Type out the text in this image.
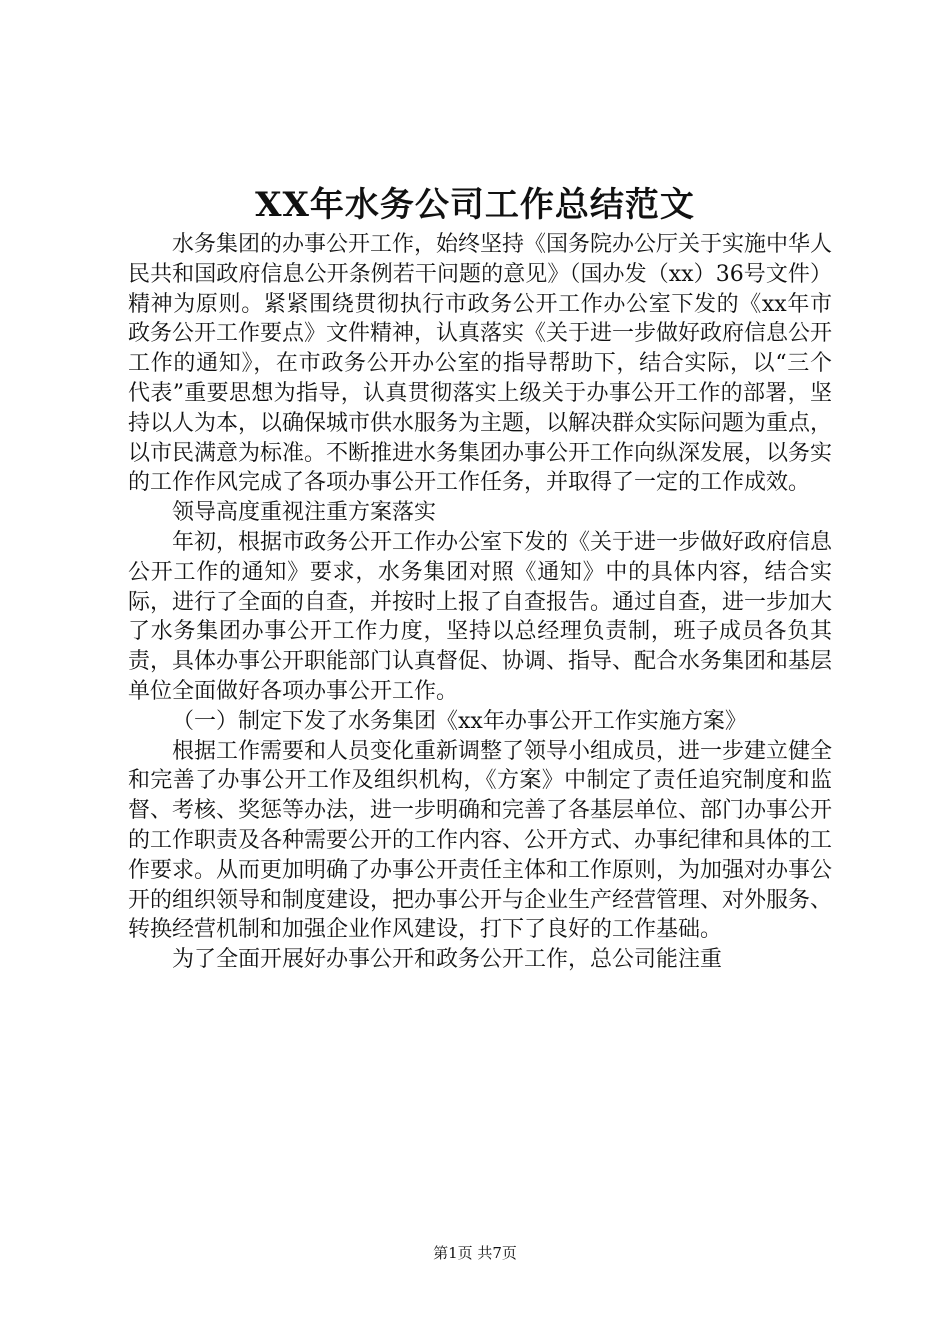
XX年水务公司工作总结范文

水务集团的办事公开工作，始终坚持《国务院办公厅关于实施中华人民共和国政府信息公开条例若干问题的意见》（国办发（xx）36号文件）精神为原则。紧紧围绕贯彻执行市政务公开工作办公室下发的《xx年市政务公开工作要点》文件精神，认真落实《关于进一步做好政府信息公开工作的通知》，在市政务公开办公室的指导帮助下，结合实际，以“三个代表”重要思想为指导，认真贯彻落实上级关于办事公开工作的部署，坚持以人为本，以确保城市供水服务为主题，以解决群众实际问题为重点，以市民满意为标准。不断推进水务集团办事公开工作向纵深发展，以务实的工作作风完成了各项办事公开工作任务，并取得了一定的工作成效。

领导高度重视注重方案落实

年初，根据市政务公开工作办公室下发的《关于进一步做好政府信息公开工作的通知》要求，水务集团对照《通知》中的具体内容，结合实际，进行了全面的自查，并按时上报了自查报告。通过自查，进一步加大了水务集团办事公开工作力度，坚持以总经理负责制，班子成员各负其责，具体办事公开职能部门认真督促、协调、指导、配合水务集团和基层单位全面做好各项办事公开工作。

（一）制定下发了水务集团《xx年办事公开工作实施方案》

根据工作需要和人员变化重新调整了领导小组成员，进一步建立健全和完善了办事公开工作及组织机构，《方案》中制定了责任追究制度和监督、考核、奖惩等办法，进一步明确和完善了各基层单位、部门办事公开的工作职责及各种需要公开的工作内容、公开方式、办事纪律和具体的工作要求。从而更加明确了办事公开责任主体和工作原则，为加强对办事公开的组织领导和制度建设，把办事公开与企业生产经营管理、对外服务、转换经营机制和加强企业作风建设，打下了良好的工作基础。

为了全面开展好办事公开和政务公开工作，总公司能注重

第1页 共7页
